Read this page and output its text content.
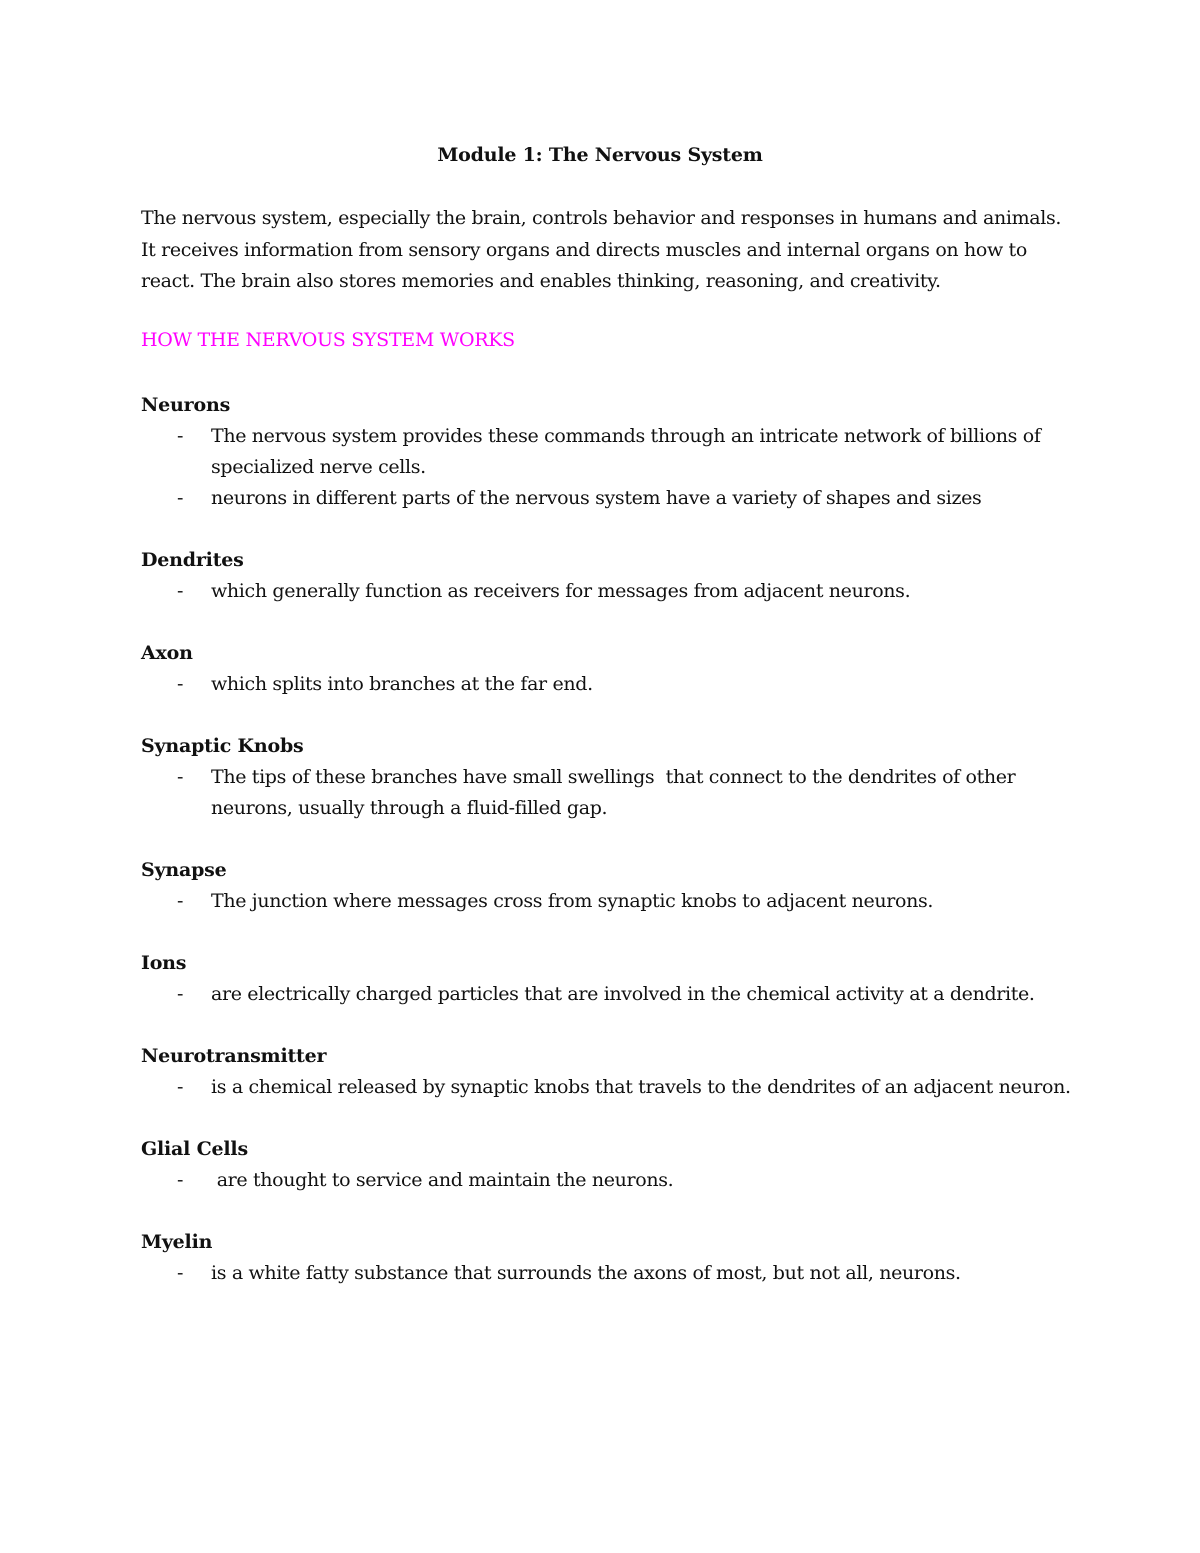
Module 1: The Nervous System
The nervous system, especially the brain, controls behavior and responses in humans and animals. It receives information from sensory organs and directs muscles and internal organs on how to react. The brain also stores memories and enables thinking, reasoning, and creativity.
HOW THE NERVOUS SYSTEM WORKS
Neurons
- The nervous system provides these commands through an intricate network of billions of specialized nerve cells.
- neurons in different parts of the nervous system have a variety of shapes and sizes
Dendrites
- which generally function as receivers for messages from adjacent neurons.
Axon
- which splits into branches at the far end.
Synaptic Knobs
- The tips of these branches have small swellings  that connect to the dendrites of other neurons, usually through a fluid-filled gap.
Synapse
- The junction where messages cross from synaptic knobs to adjacent neurons.
Ions
- are electrically charged particles that are involved in the chemical activity at a dendrite.
Neurotransmitter
- is a chemical released by synaptic knobs that travels to the dendrites of an adjacent neuron.
Glial Cells
- are thought to service and maintain the neurons.
Myelin
- is a white fatty substance that surrounds the axons of most, but not all, neurons.
